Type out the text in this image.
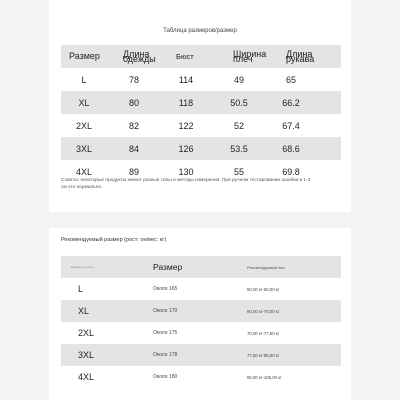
Таблица размеров/размер
Размер	Длина одежды	Бюст	Ширина плеч	Длина рукава
L	78	114	49	65
XL	80	118	50.5	66.2
2XL	82	122	52	67.4
3XL	84	126	53.5	68.6
4XL	89	130	55	69.8
Советы: некоторые продукты имеют разные типы и методы измерения. При ручном тестировании ошибки в 1-3 см это нормально.
Рекомендуемый размер (рост: он/вес: кг)
Размер по росту	Размер	Рекомендуемый вес
L	Около 165	50,00 кг-60,00 кг
XL	Около 170	60,00 кг-70,00 кг
2XL	Около 175	70,00 кг-77,50 кг
3XL	Около 178	77,50 кг-85,00 кг
4XL	Около 180	85,00 кг-105,00 кг
